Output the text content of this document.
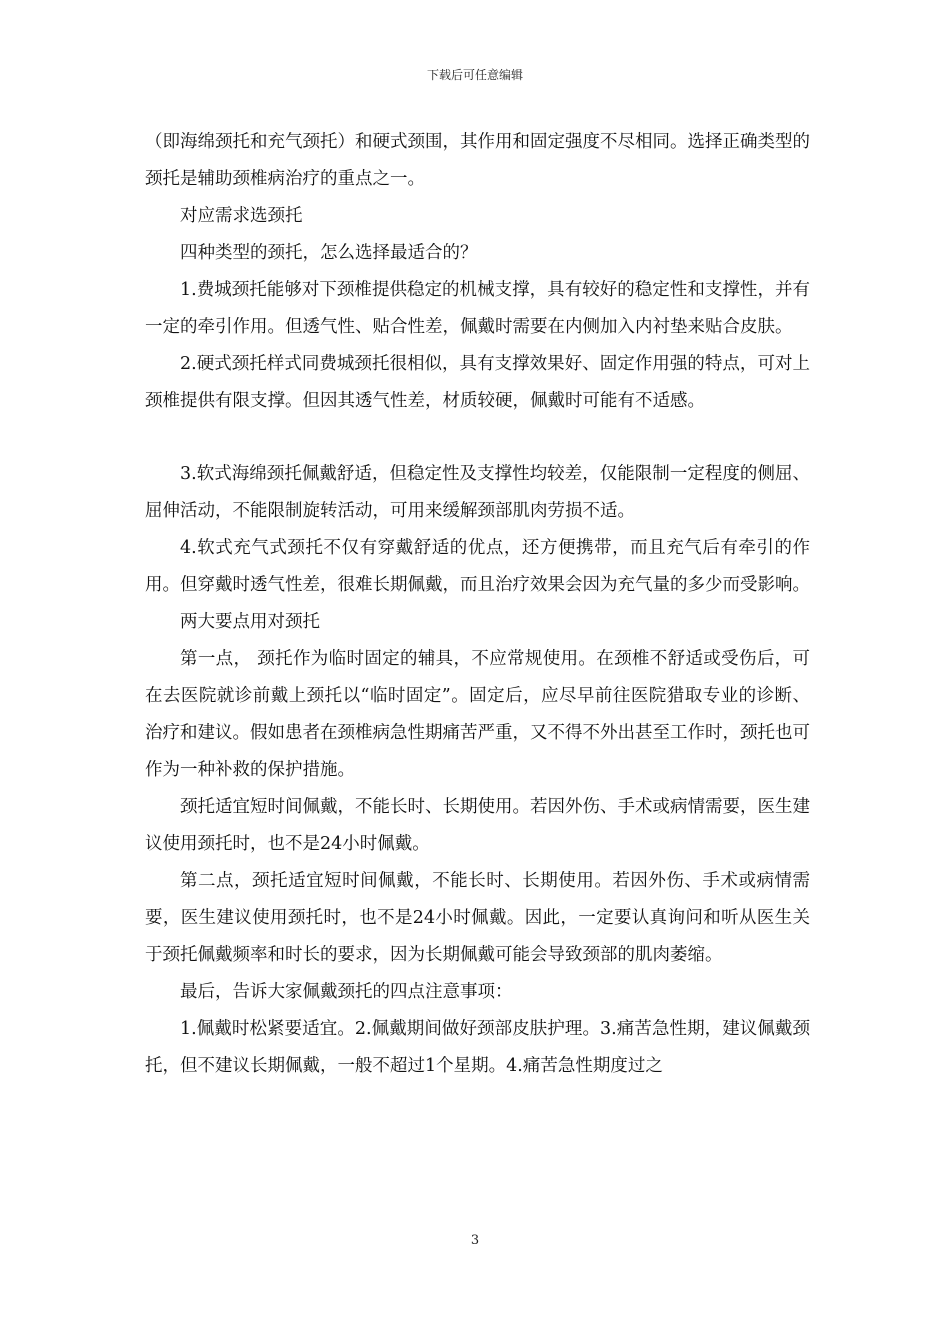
下载后可任意编辑

（即海绵颈托和充气颈托）和硬式颈围，其作用和固定强度不尽相同。选择正确类型的颈托是辅助颈椎病治疗的重点之一。

对应需求选颈托

四种类型的颈托，怎么选择最适合的？

1.费城颈托能够对下颈椎提供稳定的机械支撑，具有较好的稳定性和支撑性，并有一定的牵引作用。但透气性、贴合性差，佩戴时需要在内侧加入内衬垫来贴合皮肤。

2.硬式颈托样式同费城颈托很相似，具有支撑效果好、固定作用强的特点，可对上颈椎提供有限支撑。但因其透气性差，材质较硬，佩戴时可能有不适感。

3.软式海绵颈托佩戴舒适，但稳定性及支撑性均较差，仅能限制一定程度的侧屈、屈伸活动，不能限制旋转活动，可用来缓解颈部肌肉劳损不适。

4.软式充气式颈托不仅有穿戴舒适的优点，还方便携带，而且充气后有牵引的作用。但穿戴时透气性差，很难长期佩戴，而且治疗效果会因为充气量的多少而受影响。

两大要点用对颈托

第一点， 颈托作为临时固定的辅具，不应常规使用。在颈椎不舒适或受伤后，可在去医院就诊前戴上颈托以“临时固定”。固定后，应尽早前往医院猎取专业的诊断、治疗和建议。假如患者在颈椎病急性期痛苦严重，又不得不外出甚至工作时，颈托也可作为一种补救的保护措施。

颈托适宜短时间佩戴，不能长时、长期使用。若因外伤、手术或病情需要，医生建议使用颈托时，也不是24小时佩戴。

第二点，颈托适宜短时间佩戴，不能长时、长期使用。若因外伤、手术或病情需要，医生建议使用颈托时，也不是24小时佩戴。因此，一定要认真询问和听从医生关于颈托佩戴频率和时长的要求，因为长期佩戴可能会导致颈部的肌肉萎缩。

最后，告诉大家佩戴颈托的四点注意事项：

1.佩戴时松紧要适宜。2.佩戴期间做好颈部皮肤护理。3.痛苦急性期，建议佩戴颈托，但不建议长期佩戴，一般不超过1个星期。4.痛苦急性期度过之

3
